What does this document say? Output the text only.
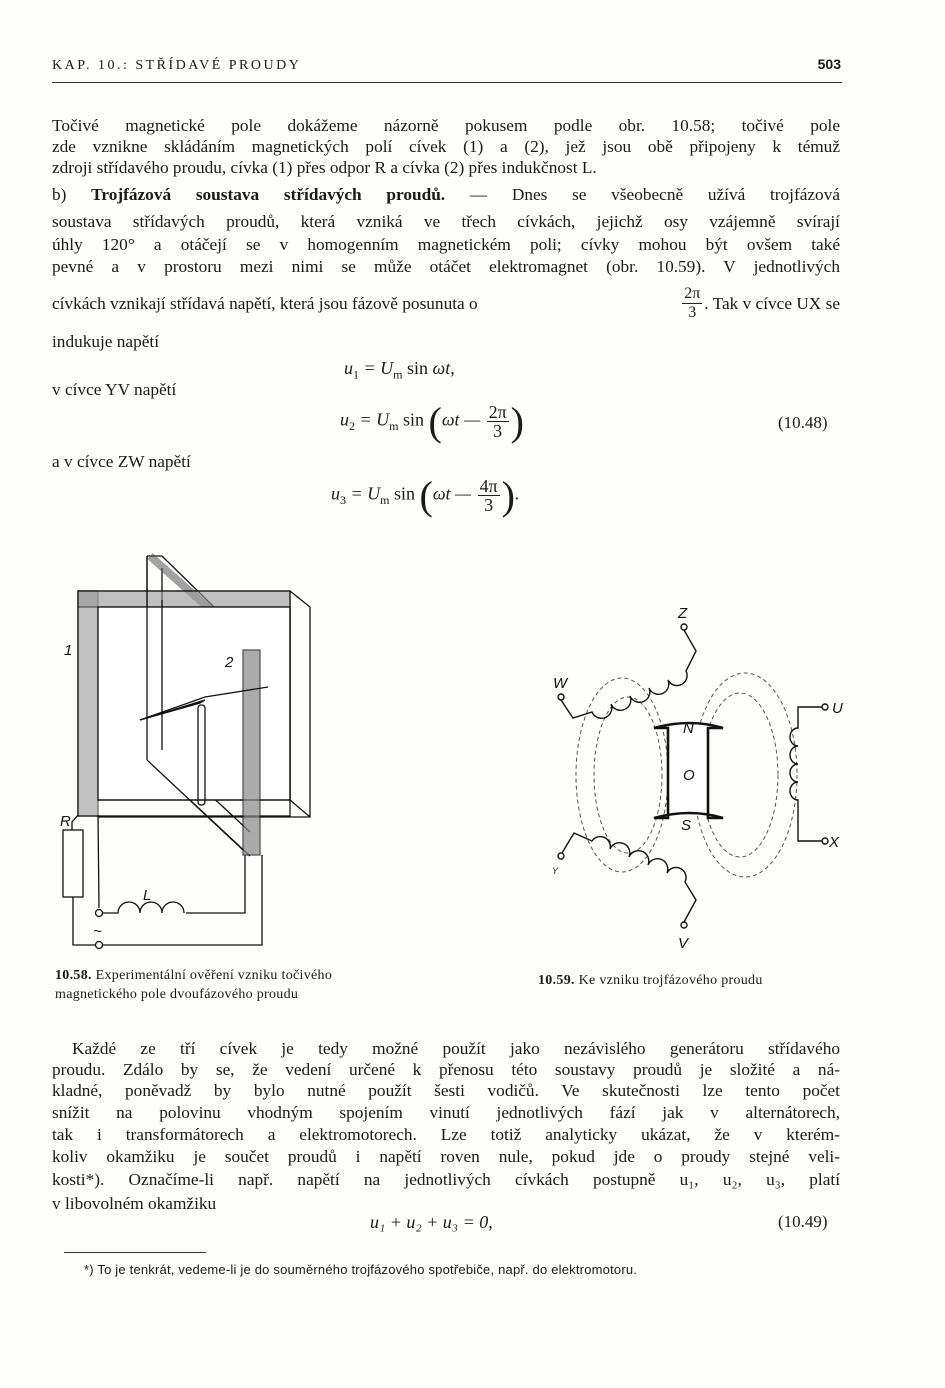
KAP. 10.: STŘÍDAVÉ PROUDY	503
Točivé magnetické pole dokážeme názorně pokusem podle obr. 10.58; točivé pole
zde vznikne skládáním magnetických polí cívek (1) a (2), jež jsou obě připojeny k témuž
zdroji střídavého proudu, cívka (1) přes odpor R a cívka (2) přes indukčnost L.
b) Trojfázová soustava střídavých proudů. — Dnes se všeobecně užívá trojfázová
soustava střídavých proudů, která vzniká ve třech cívkách, jejichž osy vzájemně svírají
úhly 120° a otáčejí se v homogenním magnetickém poli; cívky mohou být ovšem také
pevné a v prostoru mezi nimi se může otáčet elektromagnet (obr. 10.59). V jednotlivých
cívkách vznikají střídavá napětí, která jsou fázově posunuta o	$\frac{2\pi}{3}$ . Tak v cívce UX se
indukuje napětí
v cívce YV napětí
a v cívce ZW napětí
$u_1 = U_m$ sin ωt,
$u_2 = U_m$ sin (ωt — $\frac{2\pi}{3}$ )	(10.48)
$u_3 = U_m$ sin (ωt — $\frac{4\pi}{3}$ ).
1
2
R
L
~
Z
W
U
X
V
Y
N
O
S
10.58. Experimentální ověření vzniku točivého
magnetického pole dvoufázového proudu
10.59. Ke vzniku trojfázového proudu
Každé ze tří cívek je tedy možné použít jako nezávislého generátoru střídavého
proudu. Zdálo by se, že vedení určené k přenosu této soustavy proudů je složité a ná-
kladné, poněvadž by bylo nutné použít šesti vodičů. Ve skutečnosti lze tento počet
snížit na polovinu vhodným spojením vinutí jednotlivých fází jak v alternátorech,
tak i transformátorech a elektromotorech. Lze totiž analyticky ukázat, že v kterém-
koliv okamžiku je součet proudů i napětí roven nule, pokud jde o proudy stejné veli-
kosti*). Označíme-li např. napětí na jednotlivých cívkách postupně u₁, u₂, u₃, platí
v libovolném okamžiku
u₁ + u₂ + u₃ = 0,	(10.49)
*) To je tenkrát, vedeme-li je do souměrného trojfázového spotřebiče, např. do elektromotoru.
